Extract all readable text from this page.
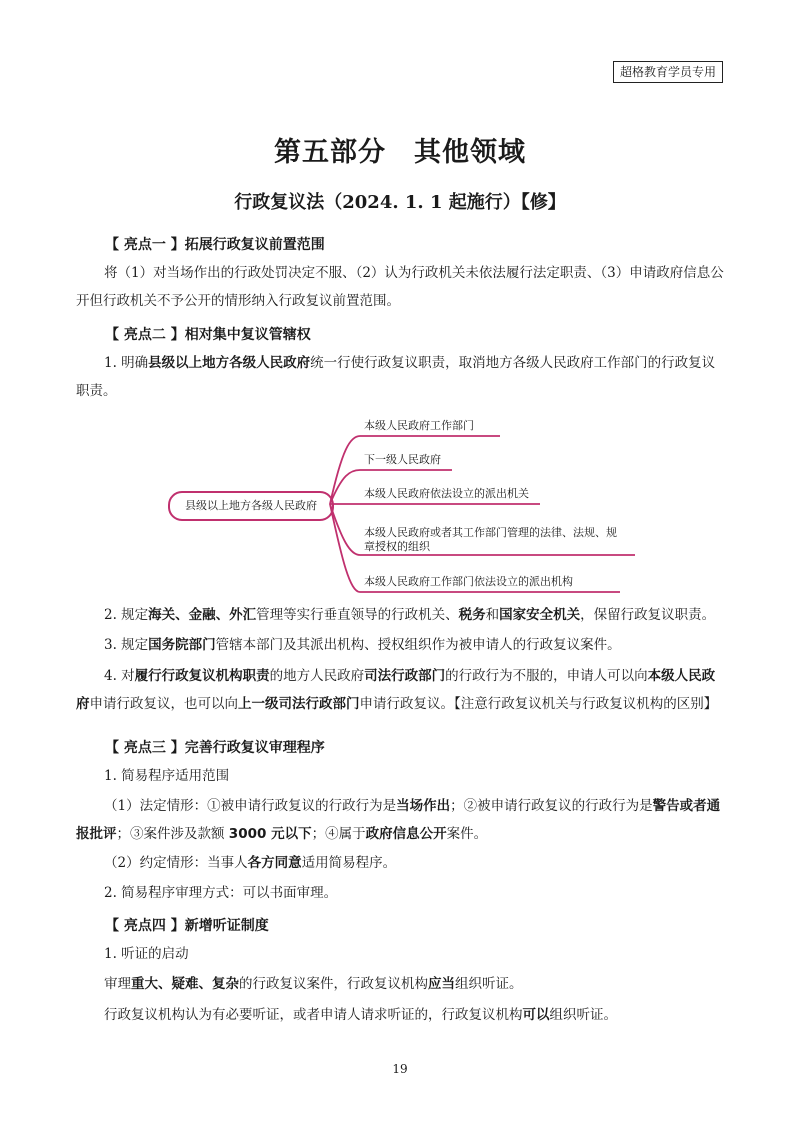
超格教育学员专用
第五部分　其他领域
行政复议法（2024. 1. 1 起施行）【修】
【 亮点一 】拓展行政复议前置范围
将（1）对当场作出的行政处罚决定不服、（2）认为行政机关未依法履行法定职责、（3）申请政府信息公开但行政机关不予公开的情形纳入行政复议前置范围。
【 亮点二 】相对集中复议管辖权
1. 明确县级以上地方各级人民政府统一行使行政复议职责，取消地方各级人民政府工作部门的行政复议职责。
县级以上地方各级人民政府
本级人民政府工作部门
下一级人民政府
本级人民政府依法设立的派出机关
本级人民政府或者其工作部门管理的法律、法规、规章授权的组织
本级人民政府工作部门依法设立的派出机构
2. 规定海关、金融、外汇管理等实行垂直领导的行政机关、税务和国家安全机关，保留行政复议职责。
3. 规定国务院部门管辖本部门及其派出机构、授权组织作为被申请人的行政复议案件。
4. 对履行行政复议机构职责的地方人民政府司法行政部门的行政行为不服的，申请人可以向本级人民政府申请行政复议，也可以向上一级司法行政部门申请行政复议。【注意行政复议机关与行政复议机构的区别】
【 亮点三 】完善行政复议审理程序
1. 简易程序适用范围
（1）法定情形：①被申请行政复议的行政行为是当场作出；②被申请行政复议的行政行为是警告或者通报批评；③案件涉及款额 3000 元以下；④属于政府信息公开案件。
（2）约定情形：当事人各方同意适用简易程序。
2. 简易程序审理方式：可以书面审理。
【 亮点四 】新增听证制度
1. 听证的启动
审理重大、疑难、复杂的行政复议案件，行政复议机构应当组织听证。
行政复议机构认为有必要听证，或者申请人请求听证的，行政复议机构可以组织听证。
19
